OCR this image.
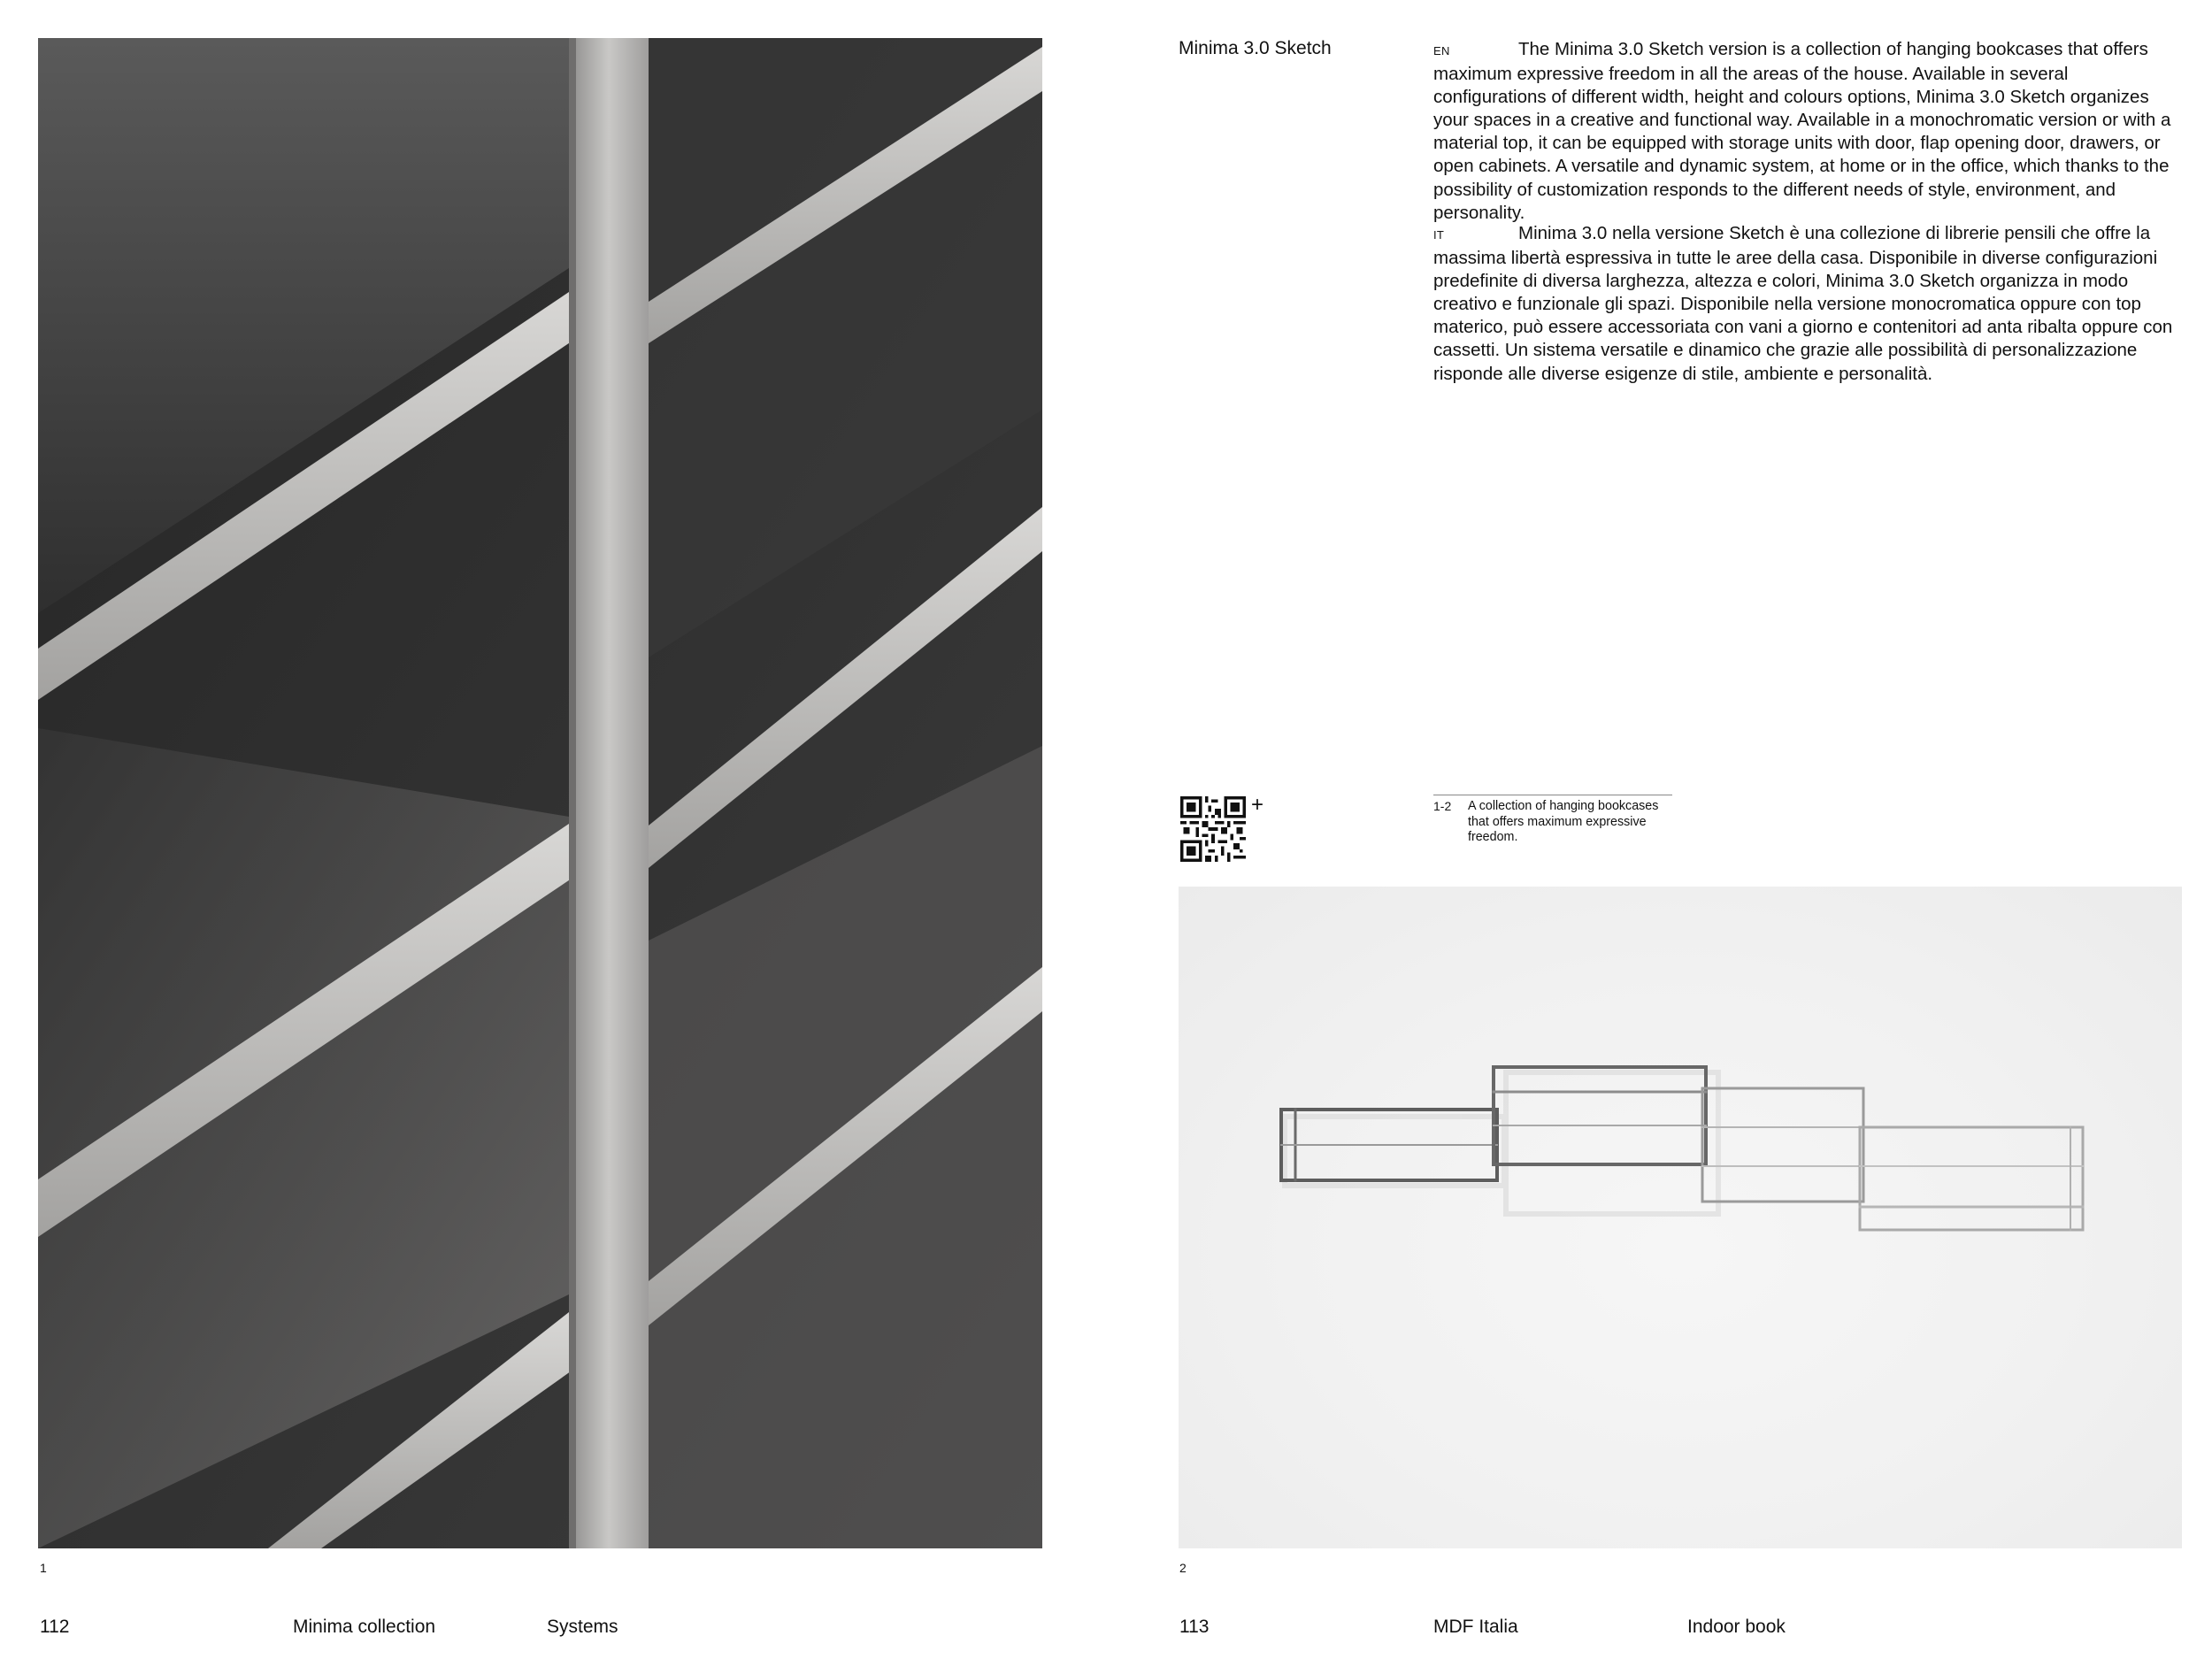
1
112	Minima collection	Systems
Minima 3.0 Sketch	EN	The Minima 3.0 Sketch version is a collection of hanging bookcases that offers maximum expressive freedom in all the areas of the house. Available in several configurations of different width, height and colours options, Minima 3.0 Sketch organizes your spaces in a creative and functional way. Available in a monochromatic version or with a material top, it can be equipped with storage units with door, flap opening door, drawers, or open cabinets. A versatile and dynamic system, at home or in the office, which thanks to the possibility of customization responds to the different needs of style, environment, and personality.
IT	Minima 3.0 nella versione Sketch è una collezione di librerie pensili che offre la massima libertà espressiva in tutte le aree della casa. Disponibile in diverse configurazioni predefinite di diversa larghezza, altezza e colori, Minima 3.0 Sketch organizza in modo creativo e funzionale gli spazi. Disponibile nella versione monocromatica oppure con top materico, può essere accessoriata con vani a giorno e contenitori ad anta ribalta oppure con cassetti. Un sistema versatile e dinamico che grazie alle possibilità di personalizzazione risponde alle diverse esigenze di stile, ambiente e personalità.
+	1-2 A collection of hanging bookcases that offers maximum expressive freedom.
2
113	MDF Italia	Indoor book
